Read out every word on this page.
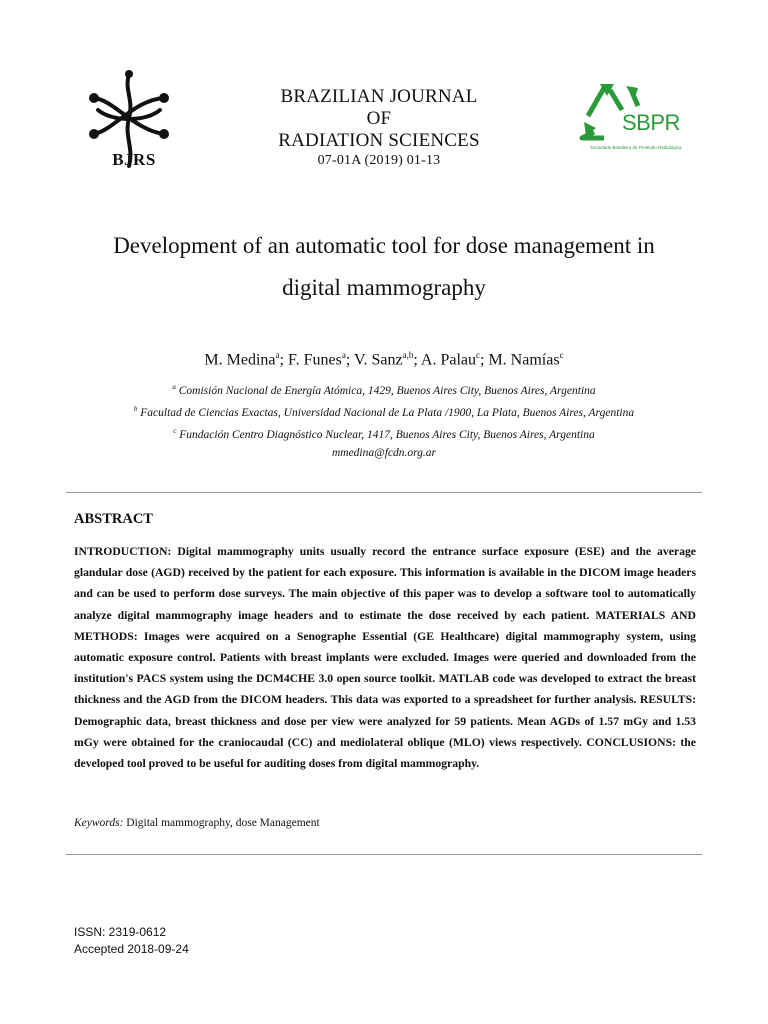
BJRS
BRAZILIAN JOURNAL
OF
RADIATION SCIENCES
07-01A (2019) 01-13
SBPR
Sociedade Brasileira de Proteção Radiológica
Development of an automatic tool for dose management in
digital mammography
M. Medina$^a$; F. Funes$^a$; V. Sanz$^{a,b}$; A. Palau$^c$; M. Namías$^c$
$^a$ Comisión Nacional de Energía Atómica, 1429, Buenos Aires City, Buenos Aires, Argentina
$^b$ Facultad de Ciencias Exactas, Universidad Nacional de La Plata /1900, La Plata, Buenos Aires, Argentina
$^c$ Fundación Centro Diagnóstico Nuclear, 1417, Buenos Aires City, Buenos Aires, Argentina
mmedina@fcdn.org.ar
ABSTRACT
INTRODUCTION: Digital mammography units usually record the entrance surface exposure (ESE) and the average glandular dose (AGD) received by the patient for each exposure. This information is available in the DICOM image headers and can be used to perform dose surveys. The main objective of this paper was to develop a software tool to automatically analyze digital mammography image headers and to estimate the dose received by each patient. MATERIALS AND METHODS: Images were acquired on a Senographe Essential (GE Healthcare) digital mammography system, using automatic exposure control. Patients with breast implants were excluded. Images were queried and downloaded from the institution's PACS system using the DCM4CHE 3.0 open source toolkit. MATLAB code was developed to extract the breast thickness and the AGD from the DICOM headers. This data was exported to a spreadsheet for further analysis. RESULTS: Demographic data, breast thickness and dose per view were analyzed for 59 patients. Mean AGDs of 1.57 mGy and 1.53 mGy were obtained for the craniocaudal (CC) and mediolateral oblique (MLO) views respectively. CONCLUSIONS: the developed tool proved to be useful for auditing doses from digital mammography.
Keywords: Digital mammography, dose Management
ISSN: 2319-0612
Accepted 2018-09-24
